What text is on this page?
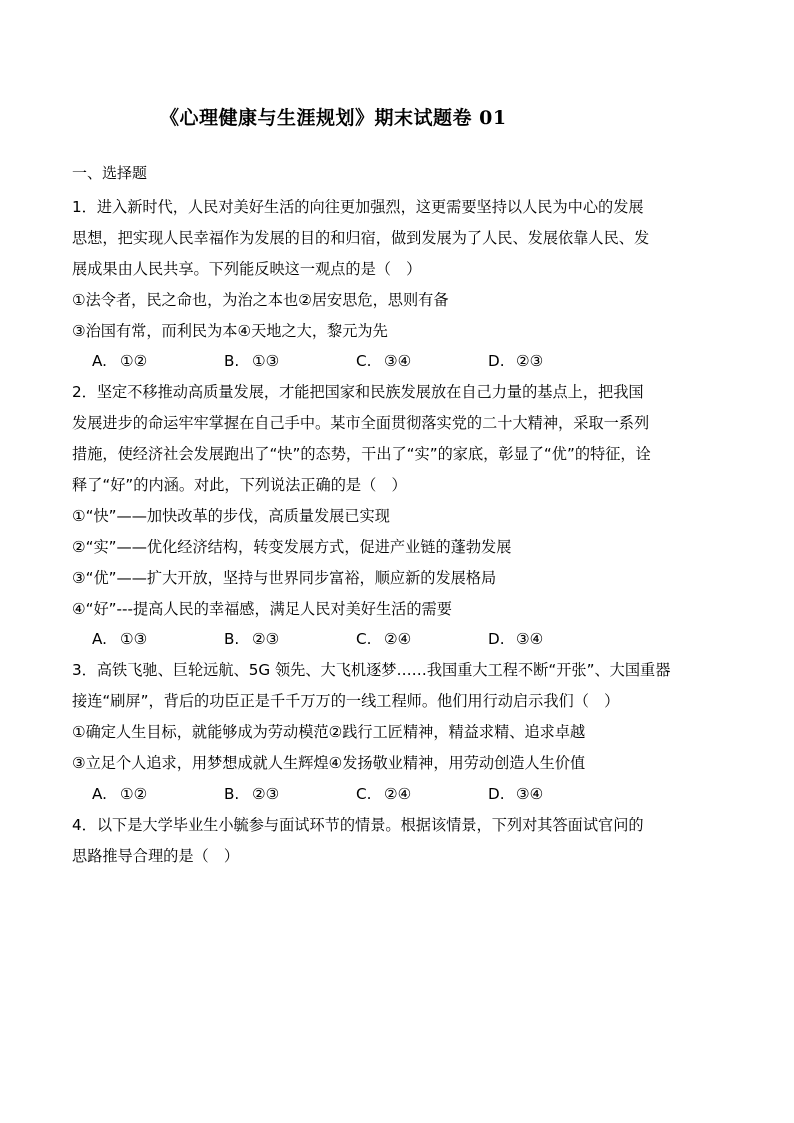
《心理健康与生涯规划》期末试题卷 01
一、选择题
1．进入新时代，人民对美好生活的向往更加强烈，这更需要坚持以人民为中心的发展
思想，把实现人民幸福作为发展的目的和归宿，做到发展为了人民、发展依靠人民、发
展成果由人民共享。下列能反映这一观点的是（　）
①法令者，民之命也，为治之本也②居安思危，思则有备
③治国有常，而利民为本④天地之大，黎元为先
A. ①②	B. ①③	C. ③④	D. ②③
2．坚定不移推动高质量发展，才能把国家和民族发展放在自己力量的基点上，把我国
发展进步的命运牢牢掌握在自己手中。某市全面贯彻落实党的二十大精神，采取一系列
措施，使经济社会发展跑出了“快”的态势，干出了“实”的家底，彰显了“优”的特征，诠
释了“好”的内涵。对此，下列说法正确的是（　）
①“快”——加快改革的步伐，高质量发展已实现
②“实”——优化经济结构，转变发展方式，促进产业链的蓬勃发展
③“优”——扩大开放，坚持与世界同步富裕，顺应新的发展格局
④“好”---提高人民的幸福感，满足人民对美好生活的需要
A. ①③	B. ②③	C. ②④	D. ③④
3．高铁飞驰、巨轮远航、5G 领先、大飞机逐梦……我国重大工程不断“开张”、大国重器
接连“刷屏”，背后的功臣正是千千万万的一线工程师。他们用行动启示我们（　）
①确定人生目标，就能够成为劳动模范②践行工匠精神，精益求精、追求卓越
③立足个人追求，用梦想成就人生辉煌④发扬敬业精神，用劳动创造人生价值
A. ①②	B. ②③	C. ②④	D. ③④
4．以下是大学毕业生小毓参与面试环节的情景。根据该情景，下列对其答面试官问的
思路推导合理的是（　）
